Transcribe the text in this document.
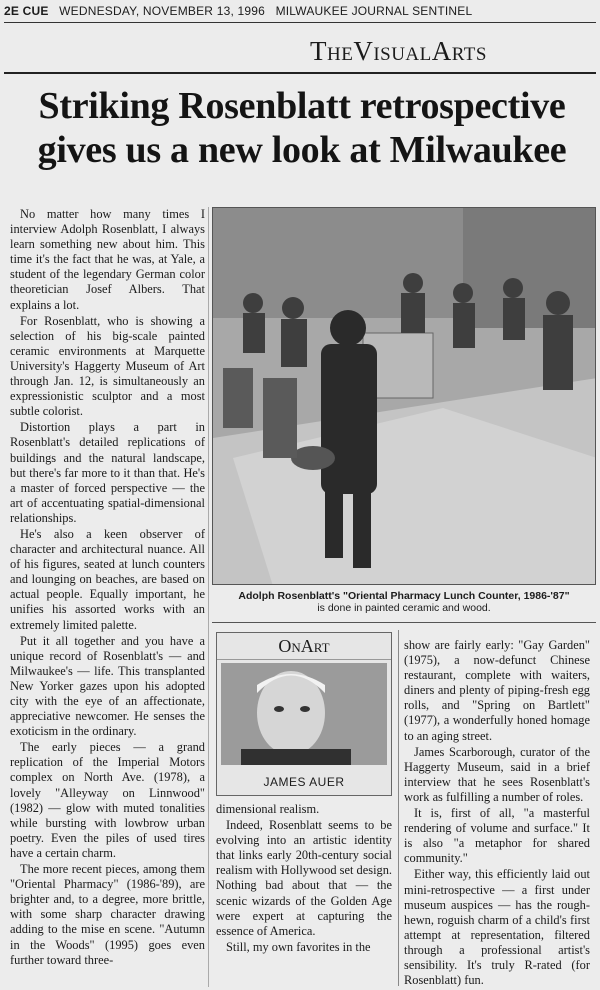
2E CUE WEDNESDAY, NOVEMBER 13, 1996 MILWAUKEE JOURNAL SENTINEL
TheVisualArts
Striking Rosenblatt retrospective
gives us a new look at Milwaukee

No matter how many times I interview Adolph Rosenblatt, I always learn something new about him. This time it's the fact that he was, at Yale, a student of the legendary German color theoretician Josef Albers. That explains a lot.

For Rosenblatt, who is showing a selection of his big-scale painted ceramic environments at Marquette University's Haggerty Museum of Art through Jan. 12, is simultaneously an expressionistic sculptor and a most subtle colorist.

Distortion plays a part in Rosenblatt's detailed replications of buildings and the natural landscape, but there's far more to it than that. He's a master of forced perspective — the art of accentuating spatial-dimensional relationships.

He's also a keen observer of character and architectural nuance. All of his figures, seated at lunch counters and lounging on beaches, are based on actual people. Equally important, he unifies his assorted works with an extremely limited palette.

Put it all together and you have a unique record of Rosenblatt's — and Milwaukee's — life. This transplanted New Yorker gazes upon his adopted city with the eye of an affectionate, appreciative newcomer. He senses the exoticism in the ordinary.

The early pieces — a grand replication of the Imperial Motors complex on North Ave. (1978), a lovely "Alleyway on Linnwood" (1982) — glow with muted tonalities while bursting with lowbrow urban poetry. Even the piles of used tires have a certain charm.

The more recent pieces, among them "Oriental Pharmacy" (1986-'89), are brighter and, to a degree, more brittle, with some sharp character drawing adding to the mise en scene. "Autumn in the Woods" (1995) goes even further toward three-

Adolph Rosenblatt's "Oriental Pharmacy Lunch Counter, 1986-'87"
is done in painted ceramic and wood.
OnArt
JAMES AUER

dimensional realism.

Indeed, Rosenblatt seems to be evolving into an artistic identity that links early 20th-century social realism with Hollywood set design. Nothing bad about that — the scenic wizards of the Golden Age were expert at capturing the essence of America.

Still, my own favorites in the

show are fairly early: "Gay Garden" (1975), a now-defunct Chinese restaurant, complete with waiters, diners and plenty of piping-fresh egg rolls, and "Spring on Bartlett" (1977), a wonderfully honed homage to an aging street.

James Scarborough, curator of the Haggerty Museum, said in a brief interview that he sees Rosenblatt's work as fulfilling a number of roles.

It is, first of all, "a masterful rendering of volume and surface." It is also "a metaphor for shared community."

Either way, this efficiently laid out mini-retrospective — a first under museum auspices — has the rough-hewn, roguish charm of a child's first attempt at representation, filtered through a professional artist's sensibility. It's truly R-rated (for Rosenblatt) fun.
